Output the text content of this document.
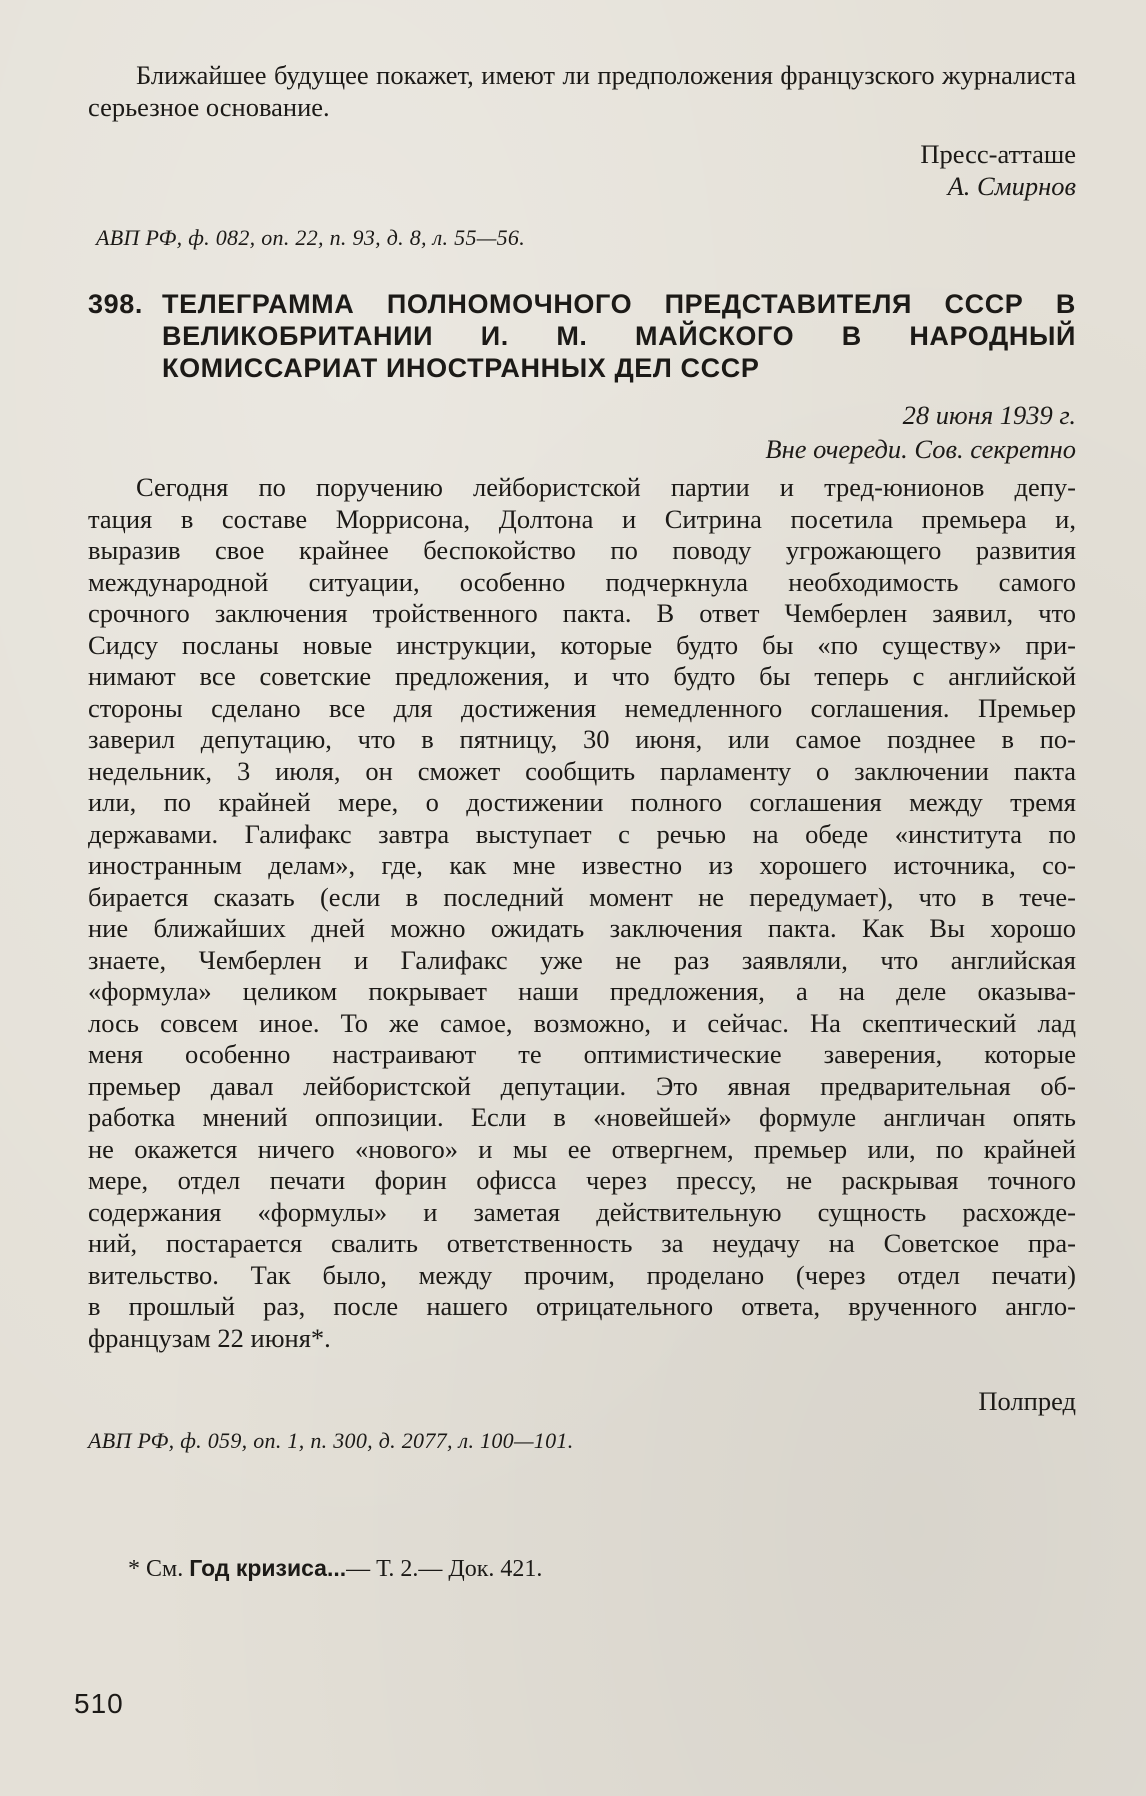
Ближайшее будущее покажет, имеют ли предположения французского журналиста серьезное основание.

Пресс-атташе
А. Смирнов
АВП РФ, ф. 082, оп. 22, п. 93, д. 8, л. 55—56.
398. ТЕЛЕГРАММА ПОЛНОМОЧНОГО ПРЕДСТАВИТЕЛЯ СССР В ВЕЛИКОБРИТАНИИ И. М. МАЙСКОГО В НАРОДНЫЙ КОМИССАРИАТ ИНОСТРАННЫХ ДЕЛ СССР
28 июня 1939 г.
Вне очереди. Сов. секретно
Сегодня по поручению лейбористской партии и тред-юнионов депу-
тация в составе Моррисона, Долтона и Ситрина посетила премьера и,
выразив свое крайнее беспокойство по поводу угрожающего развития
международной ситуации, особенно подчеркнула необходимость самого
срочного заключения тройственного пакта. В ответ Чемберлен заявил, что
Сидсу посланы новые инструкции, которые будто бы «по существу» при-
нимают все советские предложения, и что будто бы теперь с английской
стороны сделано все для достижения немедленного соглашения. Премьер
заверил депутацию, что в пятницу, 30 июня, или самое позднее в по-
недельник, 3 июля, он сможет сообщить парламенту о заключении пакта
или, по крайней мере, о достижении полного соглашения между тремя
державами. Галифакс завтра выступает с речью на обеде «института по
иностранным делам», где, как мне известно из хорошего источника, со-
бирается сказать (если в последний момент не передумает), что в тече-
ние ближайших дней можно ожидать заключения пакта. Как Вы хорошо
знаете, Чемберлен и Галифакс уже не раз заявляли, что английская
«формула» целиком покрывает наши предложения, а на деле оказыва-
лось совсем иное. То же самое, возможно, и сейчас. На скептический лад
меня особенно настраивают те оптимистические заверения, которые
премьер давал лейбористской депутации. Это явная предварительная об-
работка мнений оппозиции. Если в «новейшей» формуле англичан опять
не окажется ничего «нового» и мы ее отвергнем, премьер или, по крайней
мере, отдел печати форин офисса через прессу, не раскрывая точного
содержания «формулы» и заметая действительную сущность расхожде-
ний, постарается свалить ответственность за неудачу на Советское пра-
вительство. Так было, между прочим, проделано (через отдел печати)
в прошлый раз, после нашего отрицательного ответа, врученного англо-
французам 22 июня*.
Полпред
АВП РФ, ф. 059, оп. 1, п. 300, д. 2077, л. 100—101.
* См. Год кризиса...— Т. 2.— Док. 421.
510
